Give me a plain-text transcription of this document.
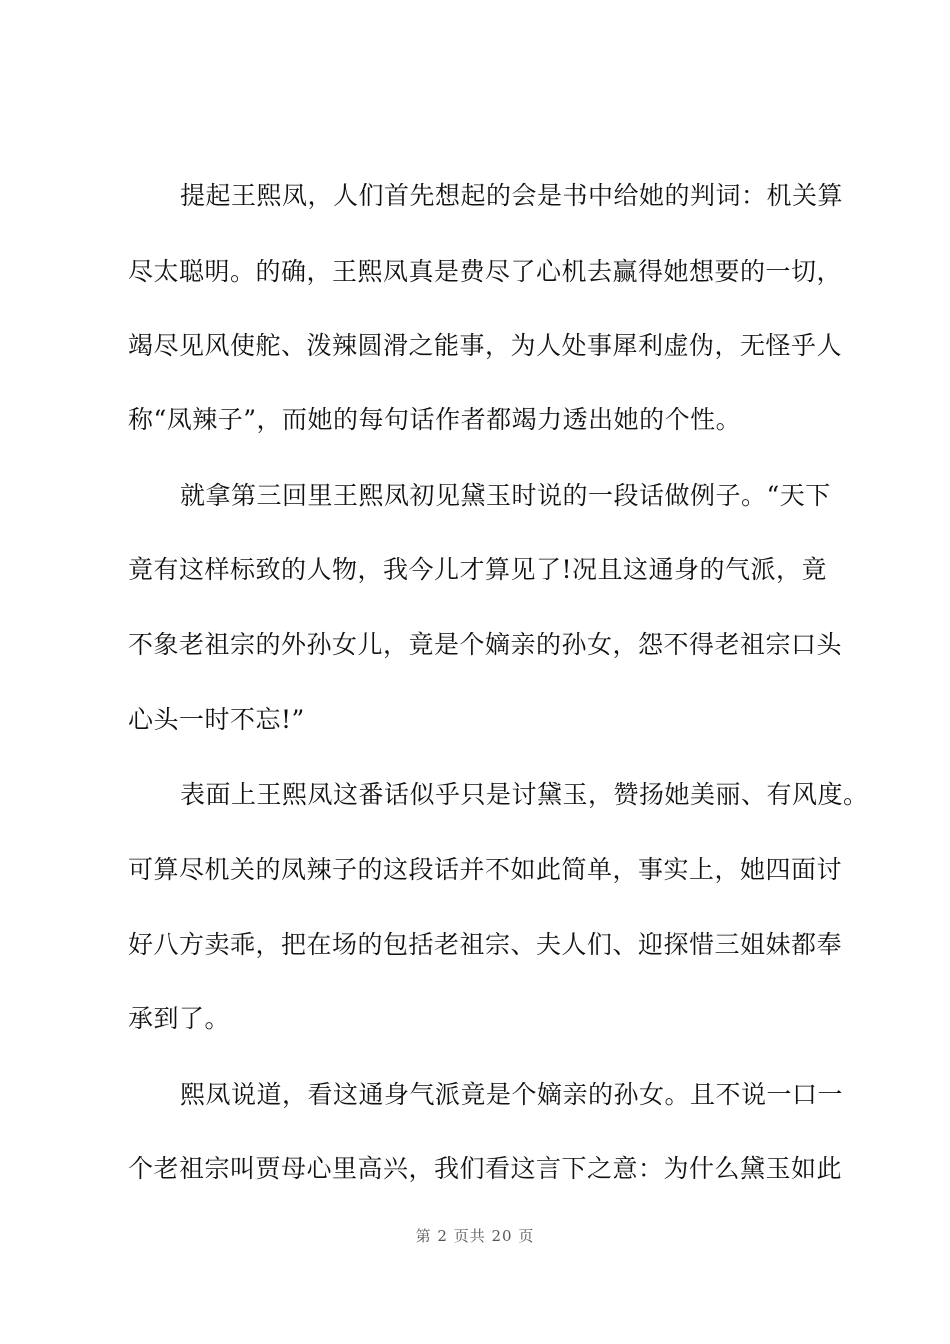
提起王熙凤，人们首先想起的会是书中给她的判词：机关算
尽太聪明。的确，王熙凤真是费尽了心机去赢得她想要的一切，
竭尽见风使舵、泼辣圆滑之能事，为人处事犀利虚伪，无怪乎人
称“凤辣子”，而她的每句话作者都竭力透出她的个性。
就拿第三回里王熙凤初见黛玉时说的一段话做例子。“天下
竟有这样标致的人物，我今儿才算见了!况且这通身的气派，竟
不象老祖宗的外孙女儿，竟是个嫡亲的孙女，怨不得老祖宗口头
心头一时不忘!”
表面上王熙凤这番话似乎只是讨黛玉，赞扬她美丽、有风度。
可算尽机关的凤辣子的这段话并不如此简单，事实上，她四面讨
好八方卖乖，把在场的包括老祖宗、夫人们、迎探惜三姐妹都奉
承到了。
熙凤说道，看这通身气派竟是个嫡亲的孙女。且不说一口一
个老祖宗叫贾母心里高兴，我们看这言下之意：为什么黛玉如此
第 2 页共 20 页
